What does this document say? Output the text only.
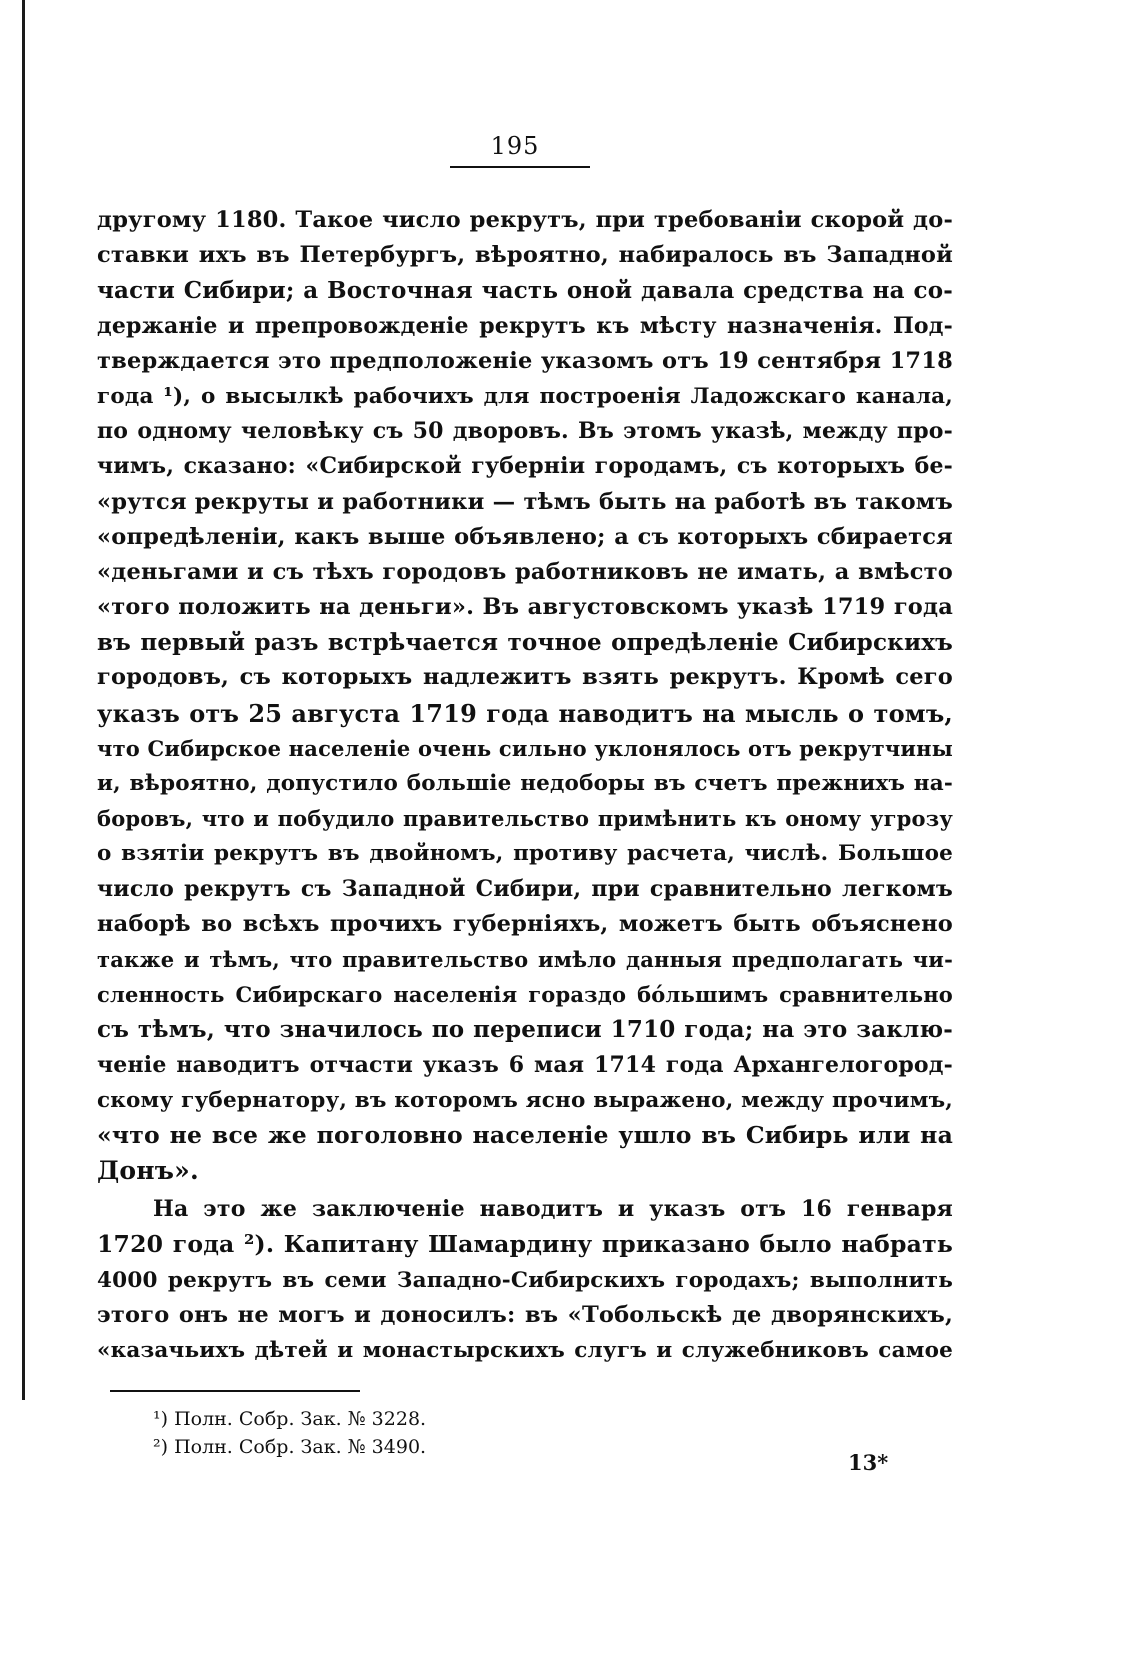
195
другому 1180. Такое число рекрутъ, при требованіи скорой до-
ставки ихъ въ Петербургъ, вѣроятно, набиралось въ Западной
части Сибири; а Восточная часть оной давала средства на со-
держаніе и препровожденіе рекрутъ къ мѣсту назначенія. Под-
тверждается это предположеніе указомъ отъ 19 сентября 1718
года ¹), о высылкѣ рабочихъ для построенія Ладожскаго канала,
по одному человѣку съ 50 дворовъ. Въ этомъ указѣ, между про-
чимъ, сказано: «Сибирской губерніи городамъ, съ которыхъ бе-
«рутся рекруты и работники — тѣмъ быть на работѣ въ такомъ
«опредѣленіи, какъ выше объявлено; а съ которыхъ сбирается
«деньгами и съ тѣхъ городовъ работниковъ не имать, а вмѣсто
«того положить на деньги». Въ августовскомъ указѣ 1719 года
въ первый разъ встрѣчается точное опредѣленіе Сибирскихъ
городовъ, съ которыхъ надлежитъ взять рекрутъ. Кромѣ сего
указъ отъ 25 августа 1719 года наводитъ на мысль о томъ,
что Сибирское населеніе очень сильно уклонялось отъ рекрутчины
и, вѣроятно, допустило большіе недоборы въ счетъ прежнихъ на-
боровъ, что и побудило правительство примѣнить къ оному угрозу
о взятіи рекрутъ въ двойномъ, противу расчета, числѣ. Большое
число рекрутъ съ Западной Сибири, при сравнительно легкомъ
наборѣ во всѣхъ прочихъ губерніяхъ, можетъ быть объяснено
также и тѣмъ, что правительство имѣло данныя предполагать чи-
сленность Сибирскаго населенія гораздо бо́льшимъ сравнительно
съ тѣмъ, что значилось по переписи 1710 года; на это заклю-
ченіе наводитъ отчасти указъ 6 мая 1714 года Архангелогород-
скому губернатору, въ которомъ ясно выражено, между прочимъ,
«что не все же поголовно населеніе ушло въ Сибирь или на
Донъ».
На это же заключеніе наводитъ и указъ отъ 16 генваря
1720 года ²). Капитану Шамардину приказано было набрать
4000 рекрутъ въ семи Западно-Сибирскихъ городахъ; выполнить
этого онъ не могъ и доносилъ: въ «Тобольскѣ де дворянскихъ,
«казачьихъ дѣтей и монастырскихъ слугъ и служебниковъ самое
¹) Полн. Собр. Зак. № 3228.
²) Полн. Собр. Зак. № 3490.
13*
